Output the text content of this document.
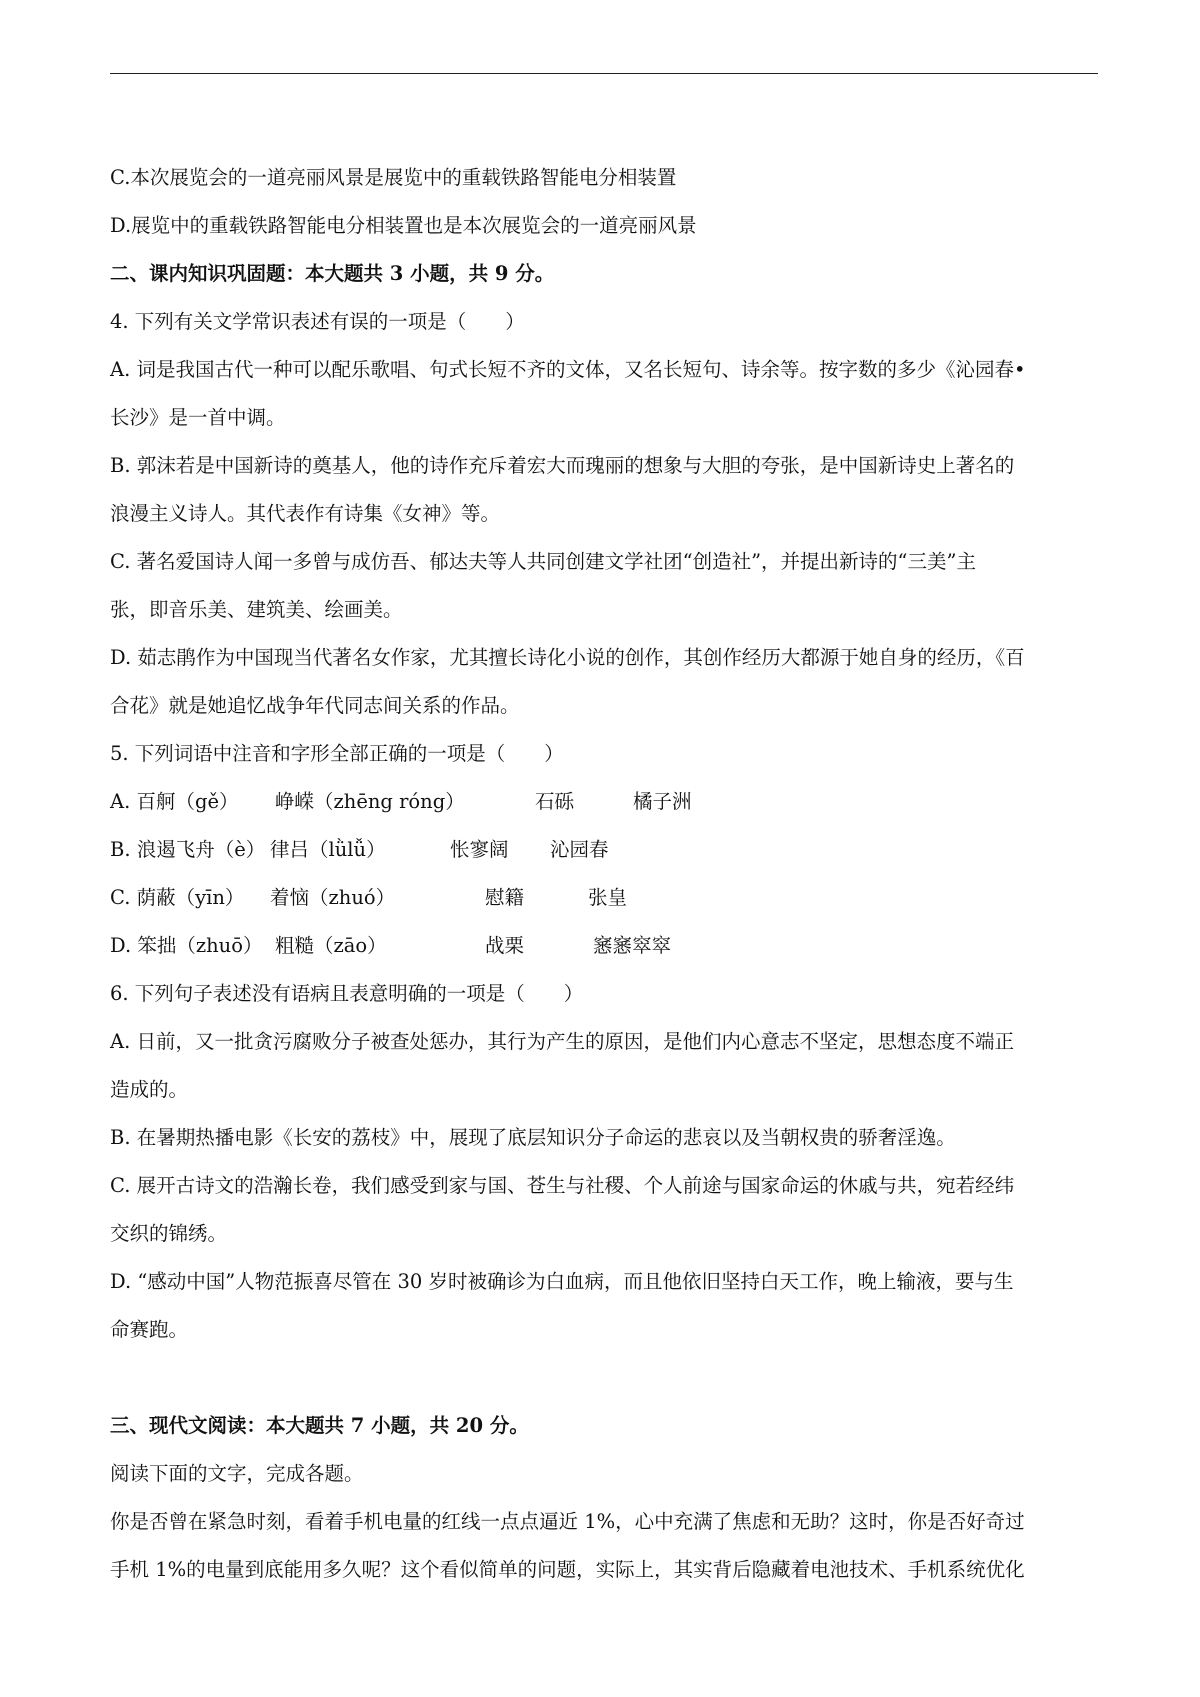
C.本次展览会的一道亮丽风景是展览中的重载铁路智能电分相装置

D.展览中的重载铁路智能电分相装置也是本次展览会的一道亮丽风景

二、课内知识巩固题：本大题共 3 小题，共 9 分。

4. 下列有关文学常识表述有误的一项是（　　）

A. 词是我国古代一种可以配乐歌唱、句式长短不齐的文体，又名长短句、诗余等。按字数的多少《沁园春•

长沙》是一首中调。

B. 郭沫若是中国新诗的奠基人，他的诗作充斥着宏大而瑰丽的想象与大胆的夸张，是中国新诗史上著名的

浪漫主义诗人。其代表作有诗集《女神》等。

C. 著名爱国诗人闻一多曾与成仿吾、郁达夫等人共同创建文学社团“创造社”，并提出新诗的“三美”主

张，即音乐美、建筑美、绘画美。

D. 茹志鹃作为中国现当代著名女作家，尤其擅长诗化小说的创作，其创作经历大都源于她自身的经历，《百

合花》就是她追忆战争年代同志间关系的作品。

5. 下列词语中注音和字形全部正确的一项是（　　）

A. 百舸（gě）	峥嵘（zhēng róng）	石砾	橘子洲
B. 浪遏飞舟（è） 律吕（lǜlǚ）	怅寥阔	沁园春
C. 荫蔽（yīn）	着恼（zhuó）	慰籍	张皇
D. 笨拙（zhuō） 粗糙（zāo）	战栗	窸窸窣窣

6. 下列句子表述没有语病且表意明确的一项是（　　）

A. 日前，又一批贪污腐败分子被查处惩办，其行为产生的原因，是他们内心意志不坚定，思想态度不端正

造成的。

B. 在暑期热播电影《长安的荔枝》中，展现了底层知识分子命运的悲哀以及当朝权贵的骄奢淫逸。

C. 展开古诗文的浩瀚长卷，我们感受到家与国、苍生与社稷、个人前途与国家命运的休戚与共，宛若经纬

交织的锦绣。

D. “感动中国”人物范振喜尽管在 30 岁时被确诊为白血病，而且他依旧坚持白天工作，晚上输液，要与生

命赛跑。

三、现代文阅读：本大题共 7 小题，共 20 分。

阅读下面的文字，完成各题。

你是否曾在紧急时刻，看着手机电量的红线一点点逼近 1%，心中充满了焦虑和无助？这时，你是否好奇过

手机 1%的电量到底能用多久呢？这个看似简单的问题，实际上，其实背后隐藏着电池技术、手机系统优化
